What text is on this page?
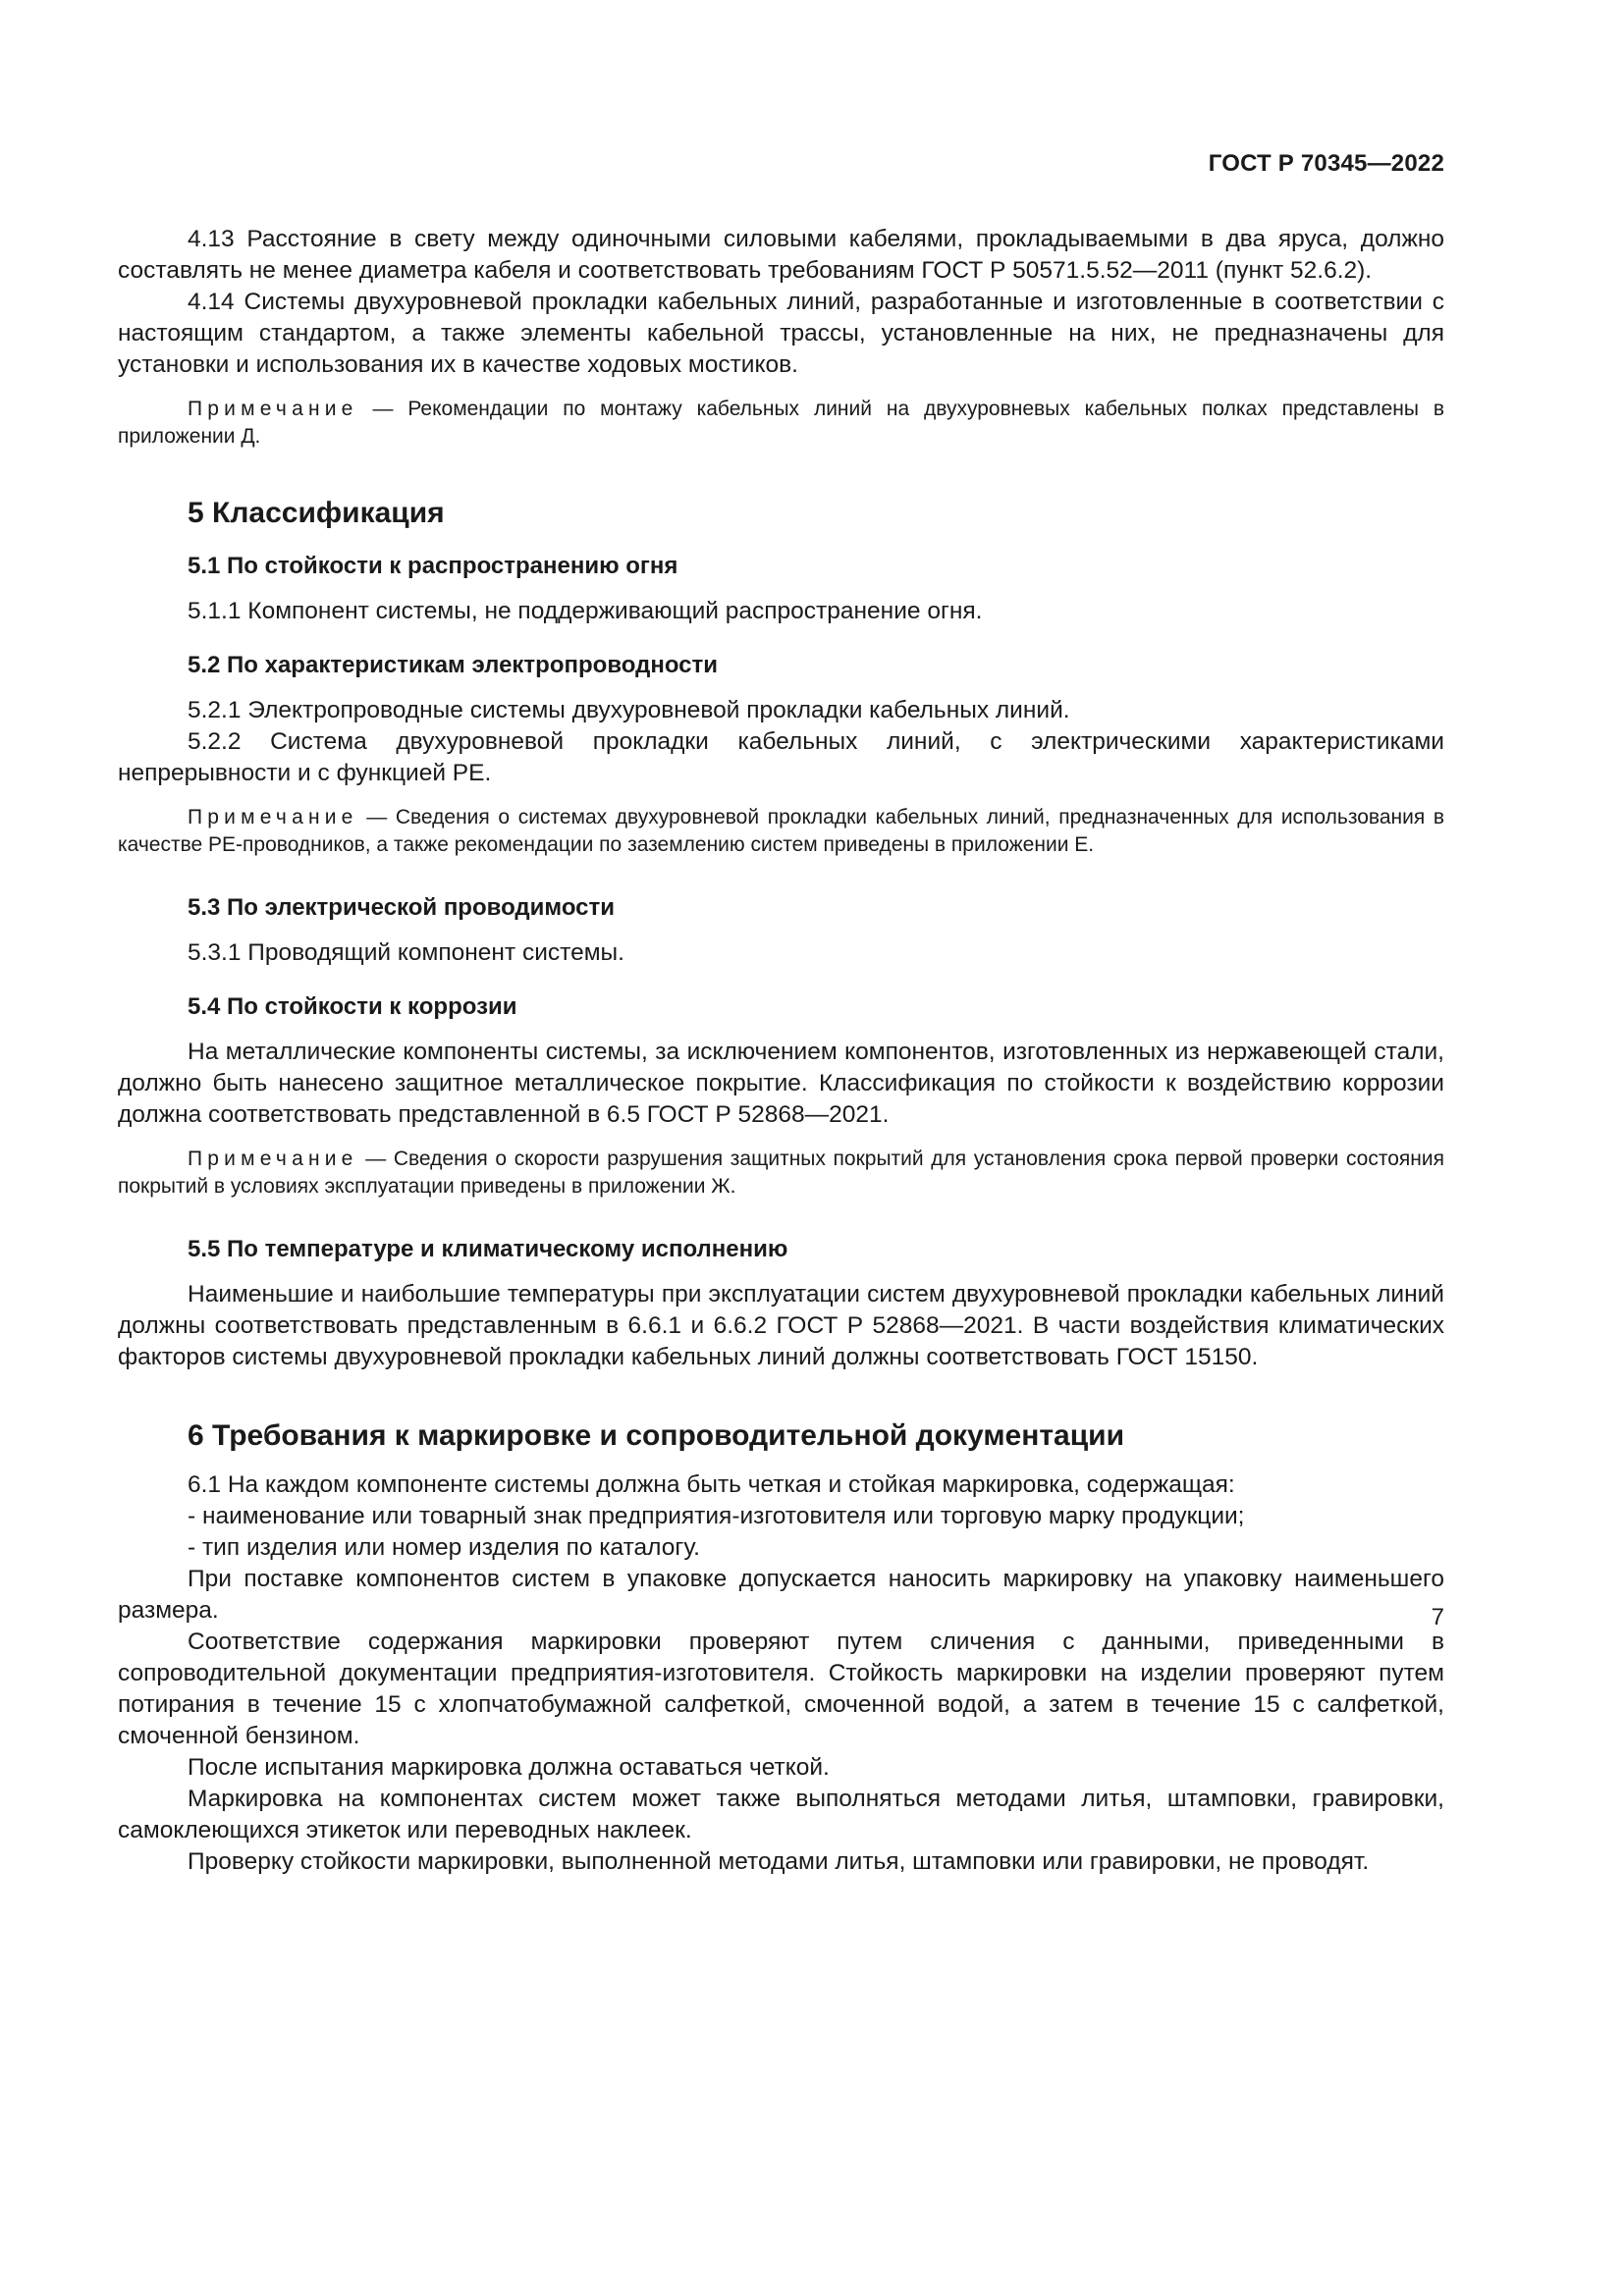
ГОСТ Р 70345—2022

4.13 Расстояние в свету между одиночными силовыми кабелями, прокладываемыми в два яруса, должно составлять не менее диаметра кабеля и соответствовать требованиям ГОСТ Р 50571.5.52—2011 (пункт 52.6.2).

4.14 Системы двухуровневой прокладки кабельных линий, разработанные и изготовленные в соответствии с настоящим стандартом, а также элементы кабельной трассы, установленные на них, не предназначены для установки и использования их в качестве ходовых мостиков.

Примечание — Рекомендации по монтажу кабельных линий на двухуровневых кабельных полках представлены в приложении Д.

5 Классификация
5.1 По стойкости к распространению огня

5.1.1 Компонент системы, не поддерживающий распространение огня.

5.2 По характеристикам электропроводности

5.2.1 Электропроводные системы двухуровневой прокладки кабельных линий.

5.2.2 Система двухуровневой прокладки кабельных линий, с электрическими характеристиками непрерывности и с функцией PE.

Примечание — Сведения о системах двухуровневой прокладки кабельных линий, предназначенных для использования в качестве PE-проводников, а также рекомендации по заземлению систем приведены в приложении Е.

5.3 По электрической проводимости

5.3.1 Проводящий компонент системы.

5.4 По стойкости к коррозии

На металлические компоненты системы, за исключением компонентов, изготовленных из нержавеющей стали, должно быть нанесено защитное металлическое покрытие. Классификация по стойкости к воздействию коррозии должна соответствовать представленной в 6.5 ГОСТ Р 52868—2021.

Примечание — Сведения о скорости разрушения защитных покрытий для установления срока первой проверки состояния покрытий в условиях эксплуатации приведены в приложении Ж.

5.5 По температуре и климатическому исполнению

Наименьшие и наибольшие температуры при эксплуатации систем двухуровневой прокладки кабельных линий должны соответствовать представленным в 6.6.1 и 6.6.2 ГОСТ Р 52868—2021. В части воздействия климатических факторов системы двухуровневой прокладки кабельных линий должны соответствовать ГОСТ 15150.

6 Требования к маркировке и сопроводительной документации

6.1 На каждом компоненте системы должна быть четкая и стойкая маркировка, содержащая:

- наименование или товарный знак предприятия-изготовителя или торговую марку продукции;

- тип изделия или номер изделия по каталогу.

При поставке компонентов систем в упаковке допускается наносить маркировку на упаковку наименьшего размера.

Соответствие содержания маркировки проверяют путем сличения с данными, приведенными в сопроводительной документации предприятия-изготовителя. Стойкость маркировки на изделии проверяют путем потирания в течение 15 с хлопчатобумажной салфеткой, смоченной водой, а затем в течение 15 с салфеткой, смоченной бензином.

После испытания маркировка должна оставаться четкой.

Маркировка на компонентах систем может также выполняться методами литья, штамповки, гравировки, самоклеющихся этикеток или переводных наклеек.

Проверку стойкости маркировки, выполненной методами литья, штамповки или гравировки, не проводят.

7
